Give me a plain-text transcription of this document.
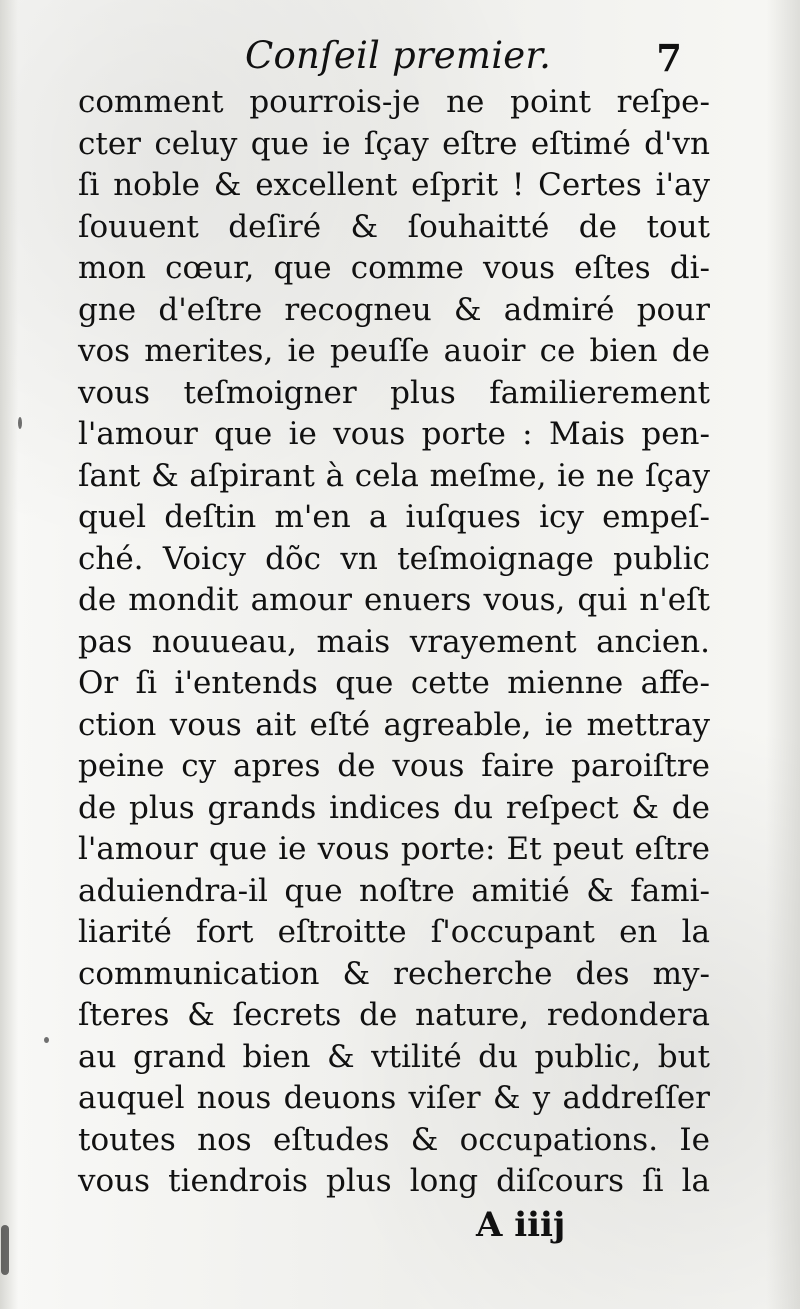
Conſeil premier.	7
comment pourrois-je ne point reſpe-
cter celuy que ie ſçay eſtre eſtimé d'vn
ſi noble & excellent eſprit ! Certes i'ay
ſouuent deſiré & ſouhaitté de tout
mon cœur, que comme vous eſtes di-
gne d'eſtre recogneu & admiré pour
vos merites, ie peuſſe auoir ce bien de
vous teſmoigner plus familierement
l'amour que ie vous porte : Mais pen-
ſant & aſpirant à cela meſme, ie ne ſçay
quel deſtin m'en a iuſques icy empeſ-
ché. Voicy dõc vn teſmoignage public
de mondit amour enuers vous, qui n'eſt
pas nouueau, mais vrayement ancien.
Or ſi i'entends que cette mienne affe-
ction vous ait eſté agreable, ie mettray
peine cy apres de vous faire paroiſtre
de plus grands indices du reſpect & de
l'amour que ie vous porte: Et peut eſtre
aduiendra-il que noſtre amitié & fami-
liarité fort eſtroitte ſ'occupant en la
communication & recherche des my-
ſteres & ſecrets de nature, redondera
au grand bien & vtilité du public, but
auquel nous deuons viſer & y addreſſer
toutes nos eſtudes & occupations. Ie
vous tiendrois plus long diſcours ſi la
A iiij
